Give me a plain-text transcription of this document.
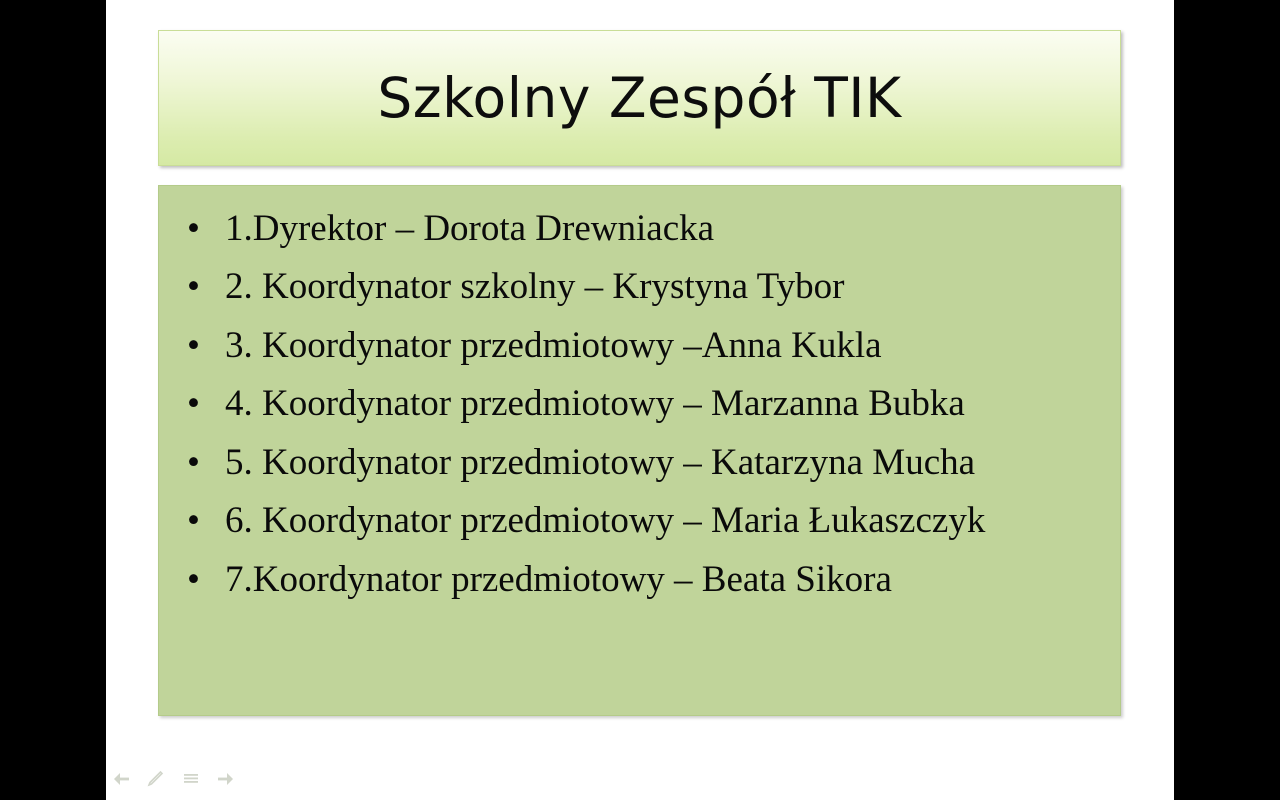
Szkolny Zespół TIK
• 1.Dyrektor – Dorota Drewniacka
• 2. Koordynator szkolny – Krystyna Tybor
• 3. Koordynator przedmiotowy –Anna Kukla
• 4. Koordynator przedmiotowy – Marzanna Bubka
• 5. Koordynator przedmiotowy – Katarzyna Mucha
• 6. Koordynator przedmiotowy – Maria Łukaszczyk
• 7.Koordynator przedmiotowy – Beata Sikora
